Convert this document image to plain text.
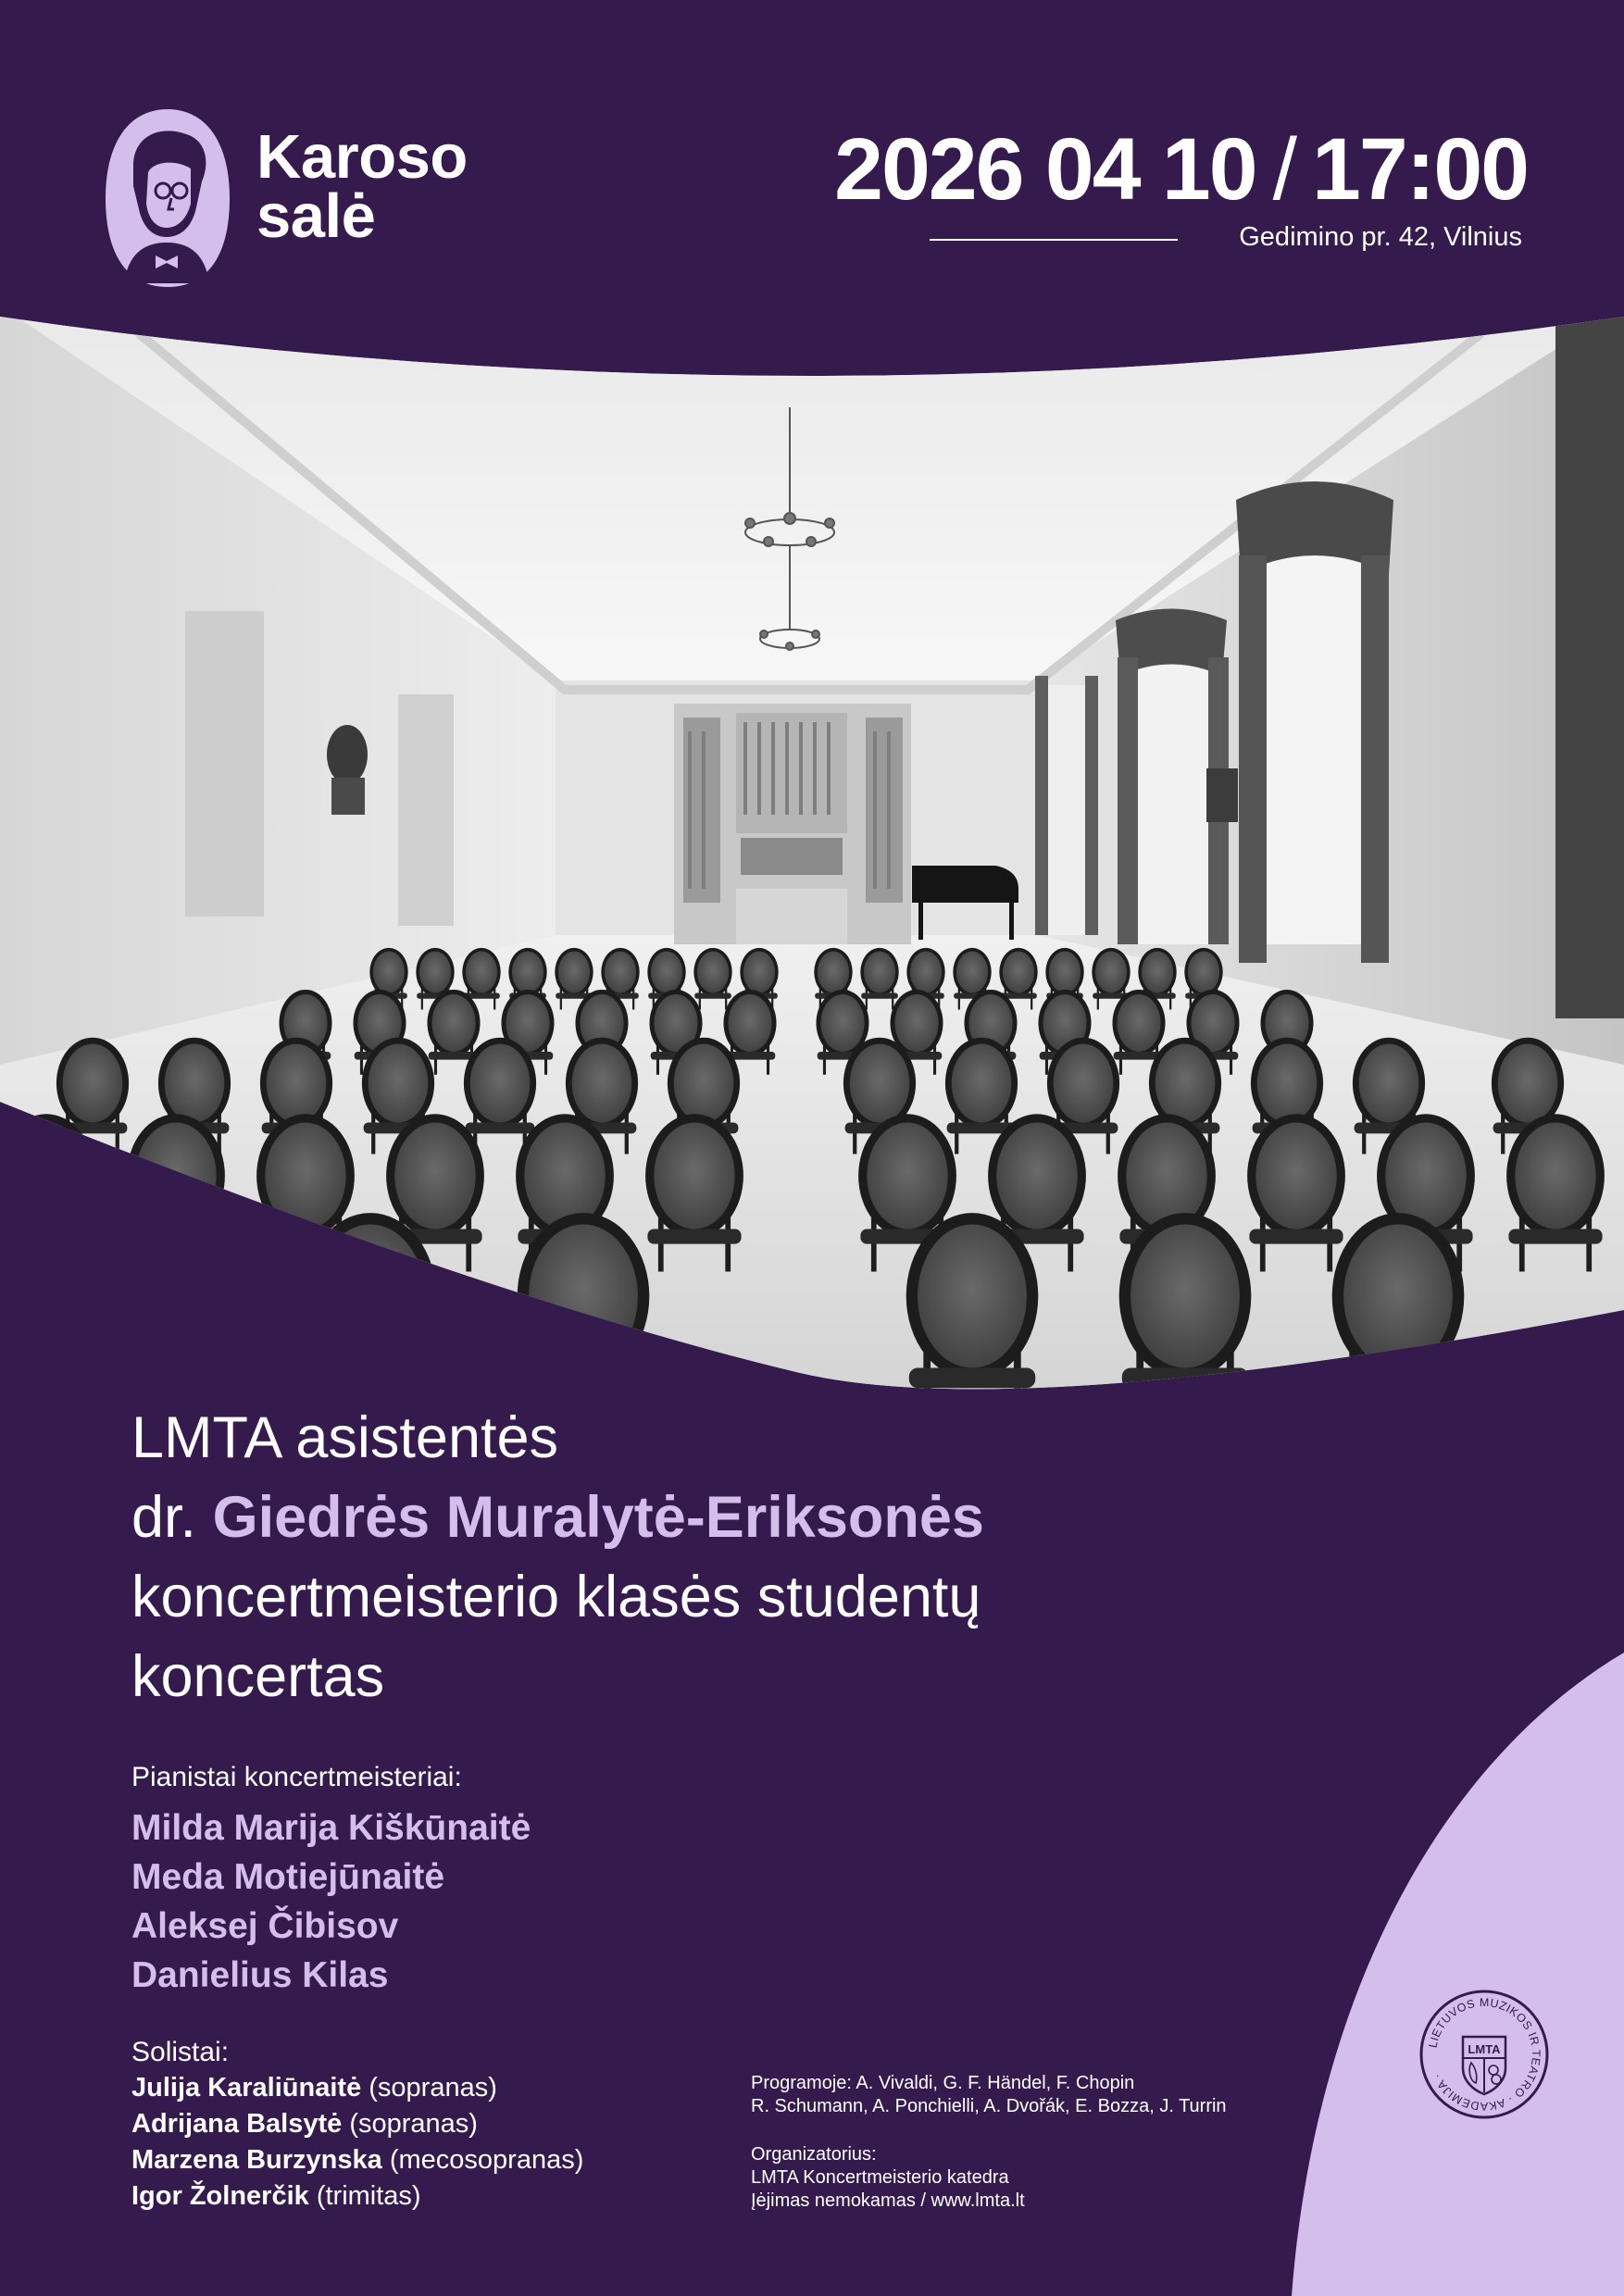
Karoso
salė	2026 04 10 / 17:00
Gedimino pr. 42, Vilnius
LMTA asistentės
dr. Giedrės Muralytė-Eriksonės
koncertmeisterio klasės studentų
koncertas
Pianistai koncertmeisteriai:
Milda Marija Kiškūnaitė
Meda Motiejūnaitė
Aleksej Čibisov
Danielius Kilas
Solistai:
Julija Karaliūnaitė (sopranas)
Adrijana Balsytė (sopranas)
Marzena Burzynska (mecosopranas)
Igor Žolnerčik (trimitas)
Programoje: A. Vivaldi, G. F. Händel, F. Chopin
R. Schumann, A. Ponchielli, A. Dvořák, E. Bozza, J. Turrin
Organizatorius:
LMTA Koncertmeisterio katedra
Įėjimas nemokamas / www.lmta.lt
LIETUVOS MUZIKOS IR TEATRO · AKADEMIJA ·
LMTA
